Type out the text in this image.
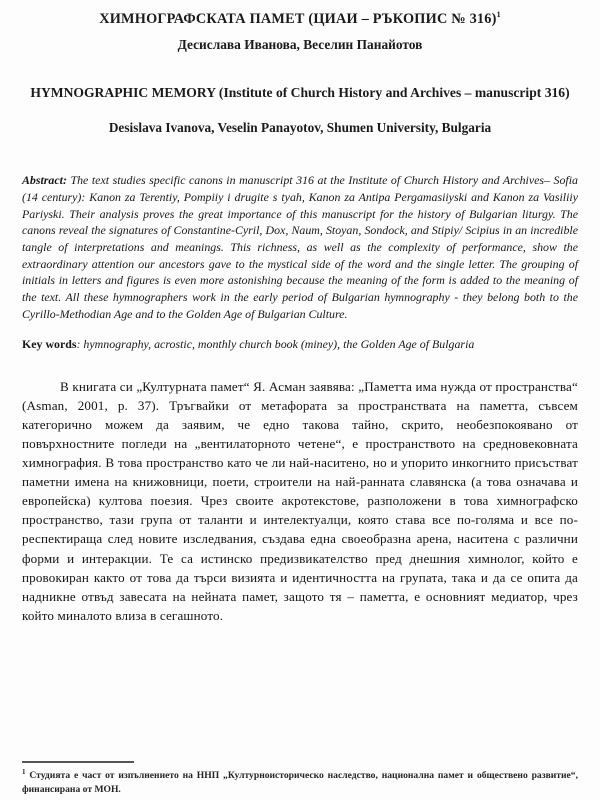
ХИМНОГРАФСКАТА ПАМЕТ (ЦИАИ – РЪКОПИС № 316)$^1$
Десислава Иванова, Веселин Панайотов
HYMNOGRAPHIC MEMORY (Institute of Church History and Archives – manuscript 316)
Desislava Ivanova, Veselin Panayotov, Shumen University, Bulgaria
Abstract: The text studies specific canons in manuscript 316 at the Institute of Church History and Archives– Sofia (14 century): Kanon za Terentiy, Pompiiy i drugite s tyah, Kanon za Antipa Pergamasiiyski and Kanon za Vasiliiy Pariyski. Their analysis proves the great importance of this manuscript for the history of Bulgarian liturgy. The canons reveal the signatures of Constantine-Cyril, Dox, Naum, Stoyan, Sondock, and Stipiy/ Scipius in an incredible tangle of interpretations and meanings. This richness, as well as the complexity of performance, show the extraordinary attention our ancestors gave to the mystical side of the word and the single letter. The grouping of initials in letters and figures is even more astonishing because the meaning of the form is added to the meaning of the text. All these hymnographers work in the early period of Bulgarian hymnography - they belong both to the Cyrillo-Methodian Age and to the Golden Age of Bulgarian Culture.
Key words: hymnography, acrostic, monthly church book (miney), the Golden Age of Bulgaria

В книгата си „Културната памет“ Я. Асман заявява: „Паметта има нужда от пространства“ (Asman, 2001, p. 37). Тръгвайки от метафората за пространствата на паметта, съвсем категорично можем да заявим, че едно такова тайно, скрито, необезпокоявано от повърхностните погледи на „вентилаторното четене“, е пространството на средновековната химнография. В това пространство като че ли най-наситено, но и упорито инкогнито присъстват паметни имена на книжовници, поети, строители на най-ранната славянска (а това означава и европейска) култова поезия. Чрез своите акротекстове, разположени в това химнографско пространство, тази група от таланти и интелектуалци, която става все по-голяма и все по-респектираща след новите изследвания, създава една своеобразна арена, наситена с различни форми и интеракции. Те са истинско предизвикателство пред днешния химнолог, който е провокиран както от това да търси визията и идентичността на групата, така и да се опита да надникне отвъд завесата на нейната памет, защото тя – паметта, е основният медиатор, чрез който миналото влиза в сегашното.

$^1$ Студията е част от изпълнението на ННП „Културноисторическо наследство, национална памет и обществено развитие“, финансирана от МОН.
